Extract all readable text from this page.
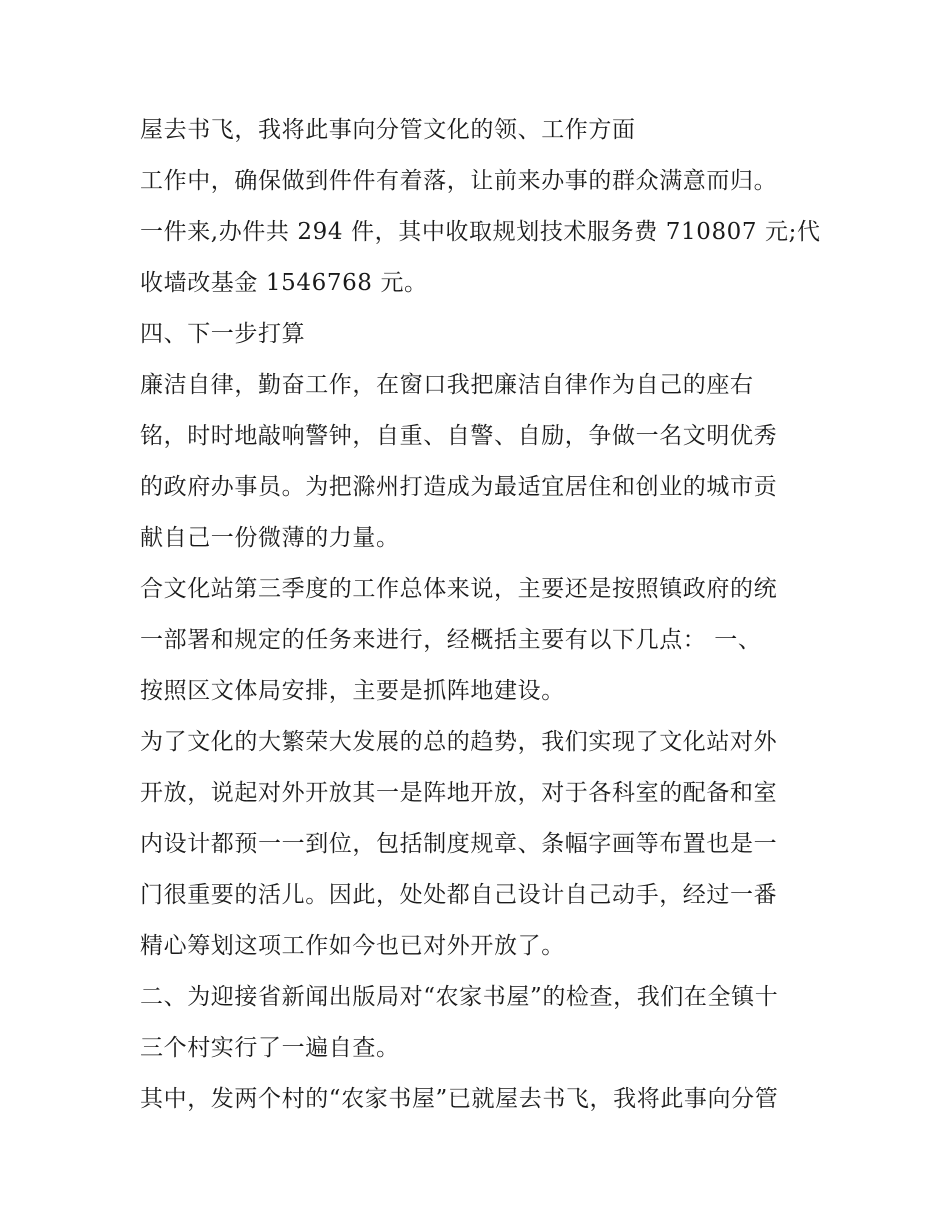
屋去书飞，我将此事向分管文化的领、工作方面
工作中，确保做到件件有着落，让前来办事的群众满意而归。
一件来,办件共 294 件，其中收取规划技术服务费 710807 元;代
收墙改基金 1546768 元。
四、下一步打算
廉洁自律，勤奋工作，在窗口我把廉洁自律作为自己的座右
铭，时时地敲响警钟，自重、自警、自励，争做一名文明优秀
的政府办事员。为把滁州打造成为最适宜居住和创业的城市贡
献自己一份微薄的力量。
合文化站第三季度的工作总体来说，主要还是按照镇政府的统
一部署和规定的任务来进行，经概括主要有以下几点： 一、
按照区文体局安排，主要是抓阵地建设。
为了文化的大繁荣大发展的总的趋势，我们实现了文化站对外
开放，说起对外开放其一是阵地开放，对于各科室的配备和室
内设计都预一一到位，包括制度规章、条幅字画等布置也是一
门很重要的活儿。因此，处处都自己设计自己动手，经过一番
精心筹划这项工作如今也已对外开放了。
二、为迎接省新闻出版局对“农家书屋”的检查，我们在全镇十
三个村实行了一遍自查。
其中，发两个村的“农家书屋”已就屋去书飞，我将此事向分管
